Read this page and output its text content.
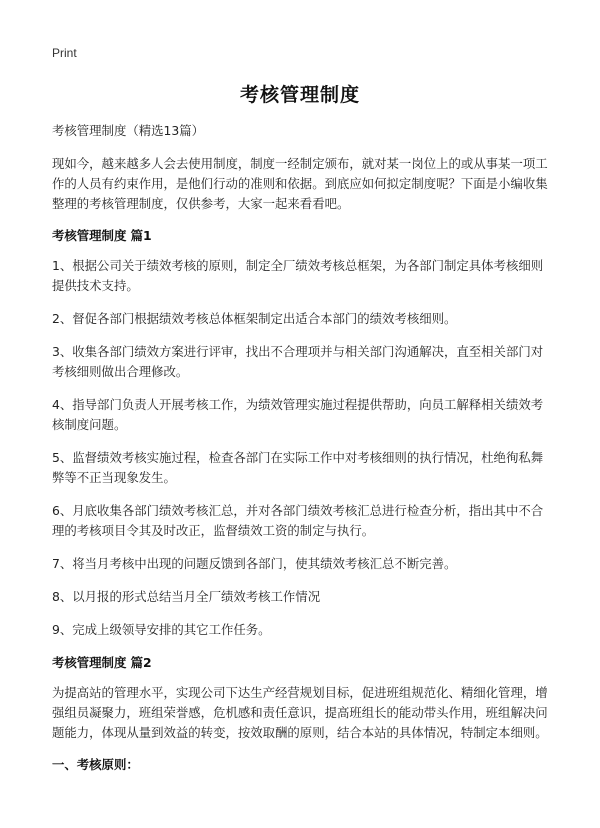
Print
考核管理制度

考核管理制度（精选13篇）

现如今，越来越多人会去使用制度，制度一经制定颁布，就对某一岗位上的或从事某一项工作的人员有约束作用，是他们行动的准则和依据。到底应如何拟定制度呢？下面是小编收集整理的考核管理制度，仅供参考，大家一起来看看吧。

考核管理制度 篇1

1、根据公司关于绩效考核的原则，制定全厂绩效考核总框架，为各部门制定具体考核细则提供技术支持。

2、督促各部门根据绩效考核总体框架制定出适合本部门的绩效考核细则。

3、收集各部门绩效方案进行评审，找出不合理项并与相关部门沟通解决，直至相关部门对考核细则做出合理修改。

4、指导部门负责人开展考核工作，为绩效管理实施过程提供帮助，向员工解释相关绩效考核制度问题。

5、监督绩效考核实施过程，检查各部门在实际工作中对考核细则的执行情况，杜绝徇私舞弊等不正当现象发生。

6、月底收集各部门绩效考核汇总，并对各部门绩效考核汇总进行检查分析，指出其中不合理的考核项目令其及时改正，监督绩效工资的制定与执行。

7、将当月考核中出现的问题反馈到各部门，使其绩效考核汇总不断完善。

8、以月报的形式总结当月全厂绩效考核工作情况

9、完成上级领导安排的其它工作任务。

考核管理制度 篇2

为提高站的管理水平，实现公司下达生产经营规划目标，促进班组规范化、精细化管理，增强组员凝聚力，班组荣誉感，危机感和责任意识，提高班组长的能动带头作用，班组解决问题能力，体现从量到效益的转变，按效取酬的原则，结合本站的具体情况，特制定本细则。

一、考核原则：
